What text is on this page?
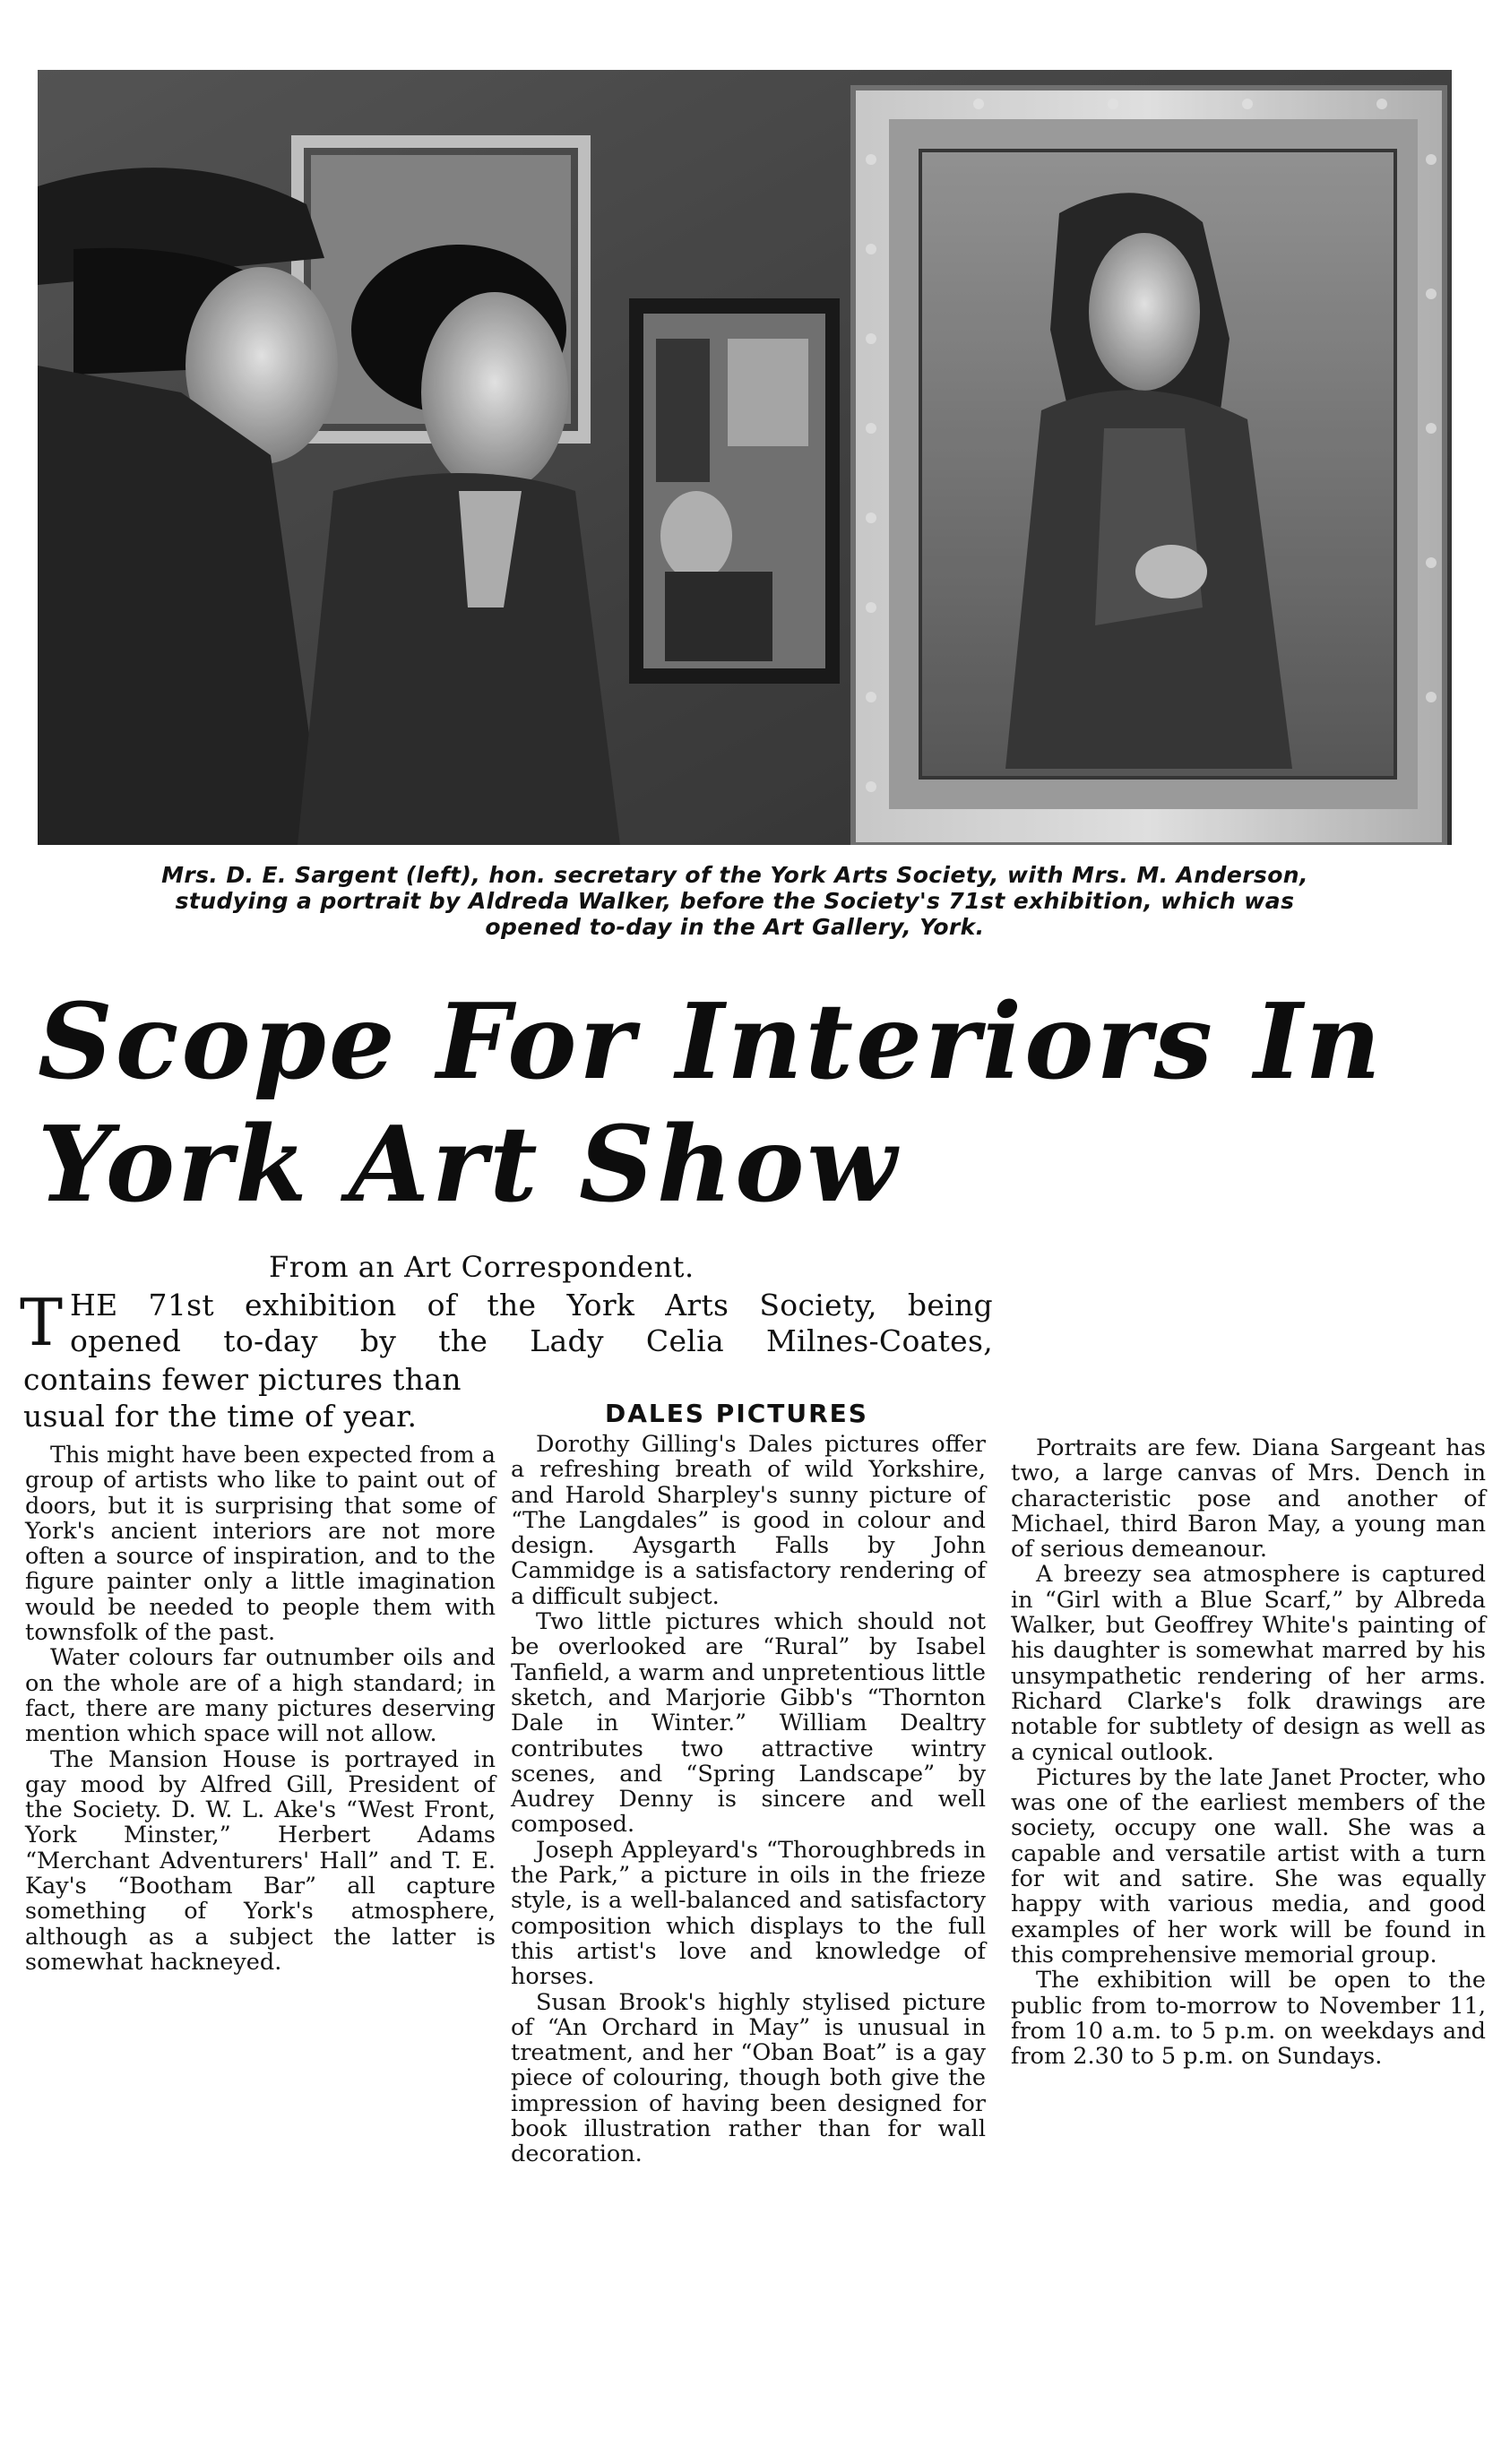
Mrs. D. E. Sargent (left), hon. secretary of the York Arts Society, with Mrs. M. Anderson,
studying a portrait by Aldreda Walker, before the Society's 71st exhibition, which was
opened to-day in the Art Gallery, York.
Scope For Interiors In
York Art Show
From an Art Correspondent.
T HE 71st exhibition of the York Arts Society, being
opened to-day by the Lady Celia Milnes-Coates,
contains fewer pictures than
usual for the time of year.	DALES PICTURES

This might have been expected from a group of artists who like to paint out of doors, but it is surprising that some of York's ancient interiors are not more often a source of inspiration, and to the figure painter only a little imagination would be needed to people them with townsfolk of the past.

Water colours far outnumber oils and on the whole are of a high standard; in fact, there are many pictures deserving mention which space will not allow.

The Mansion House is portrayed in gay mood by Alfred Gill, President of the Society. D. W. L. Ake's “West Front, York Minster,” Herbert Adams “Merchant Adventurers' Hall” and T. E. Kay's “Bootham Bar” all capture something of York's atmosphere, although as a subject the latter is somewhat hackneyed.

Dorothy Gilling's Dales pictures offer a refreshing breath of wild Yorkshire, and Harold Sharpley's sunny picture of “The Langdales” is good in colour and design. Aysgarth Falls by John Cammidge is a satisfactory rendering of a difficult subject.

Two little pictures which should not be overlooked are “Rural” by Isabel Tanfield, a warm and unpretentious little sketch, and Marjorie Gibb's “Thornton Dale in Winter.” William Dealtry contributes two attractive wintry scenes, and “Spring Landscape” by Audrey Denny is sincere and well composed.

Joseph Appleyard's “Thoroughbreds in the Park,” a picture in oils in the frieze style, is a well-balanced and satisfactory composition which displays to the full this artist's love and knowledge of horses.

Susan Brook's highly stylised picture of “An Orchard in May” is unusual in treatment, and her “Oban Boat” is a gay piece of colouring, though both give the impression of having been designed for book illustration rather than for wall decoration.

Portraits are few. Diana Sargeant has two, a large canvas of Mrs. Dench in characteristic pose and another of Michael, third Baron May, a young man of serious demeanour.

A breezy sea atmosphere is captured in “Girl with a Blue Scarf,” by Albreda Walker, but Geoffrey White's painting of his daughter is somewhat marred by his unsympathetic rendering of her arms. Richard Clarke's folk drawings are notable for subtlety of design as well as a cynical outlook.

Pictures by the late Janet Procter, who was one of the earliest members of the society, occupy one wall. She was a capable and versatile artist with a turn for wit and satire. She was equally happy with various media, and good examples of her work will be found in this comprehensive memorial group.

The exhibition will be open to the public from to-morrow to November 11, from 10 a.m. to 5 p.m. on weekdays and from 2.30 to 5 p.m. on Sundays.
